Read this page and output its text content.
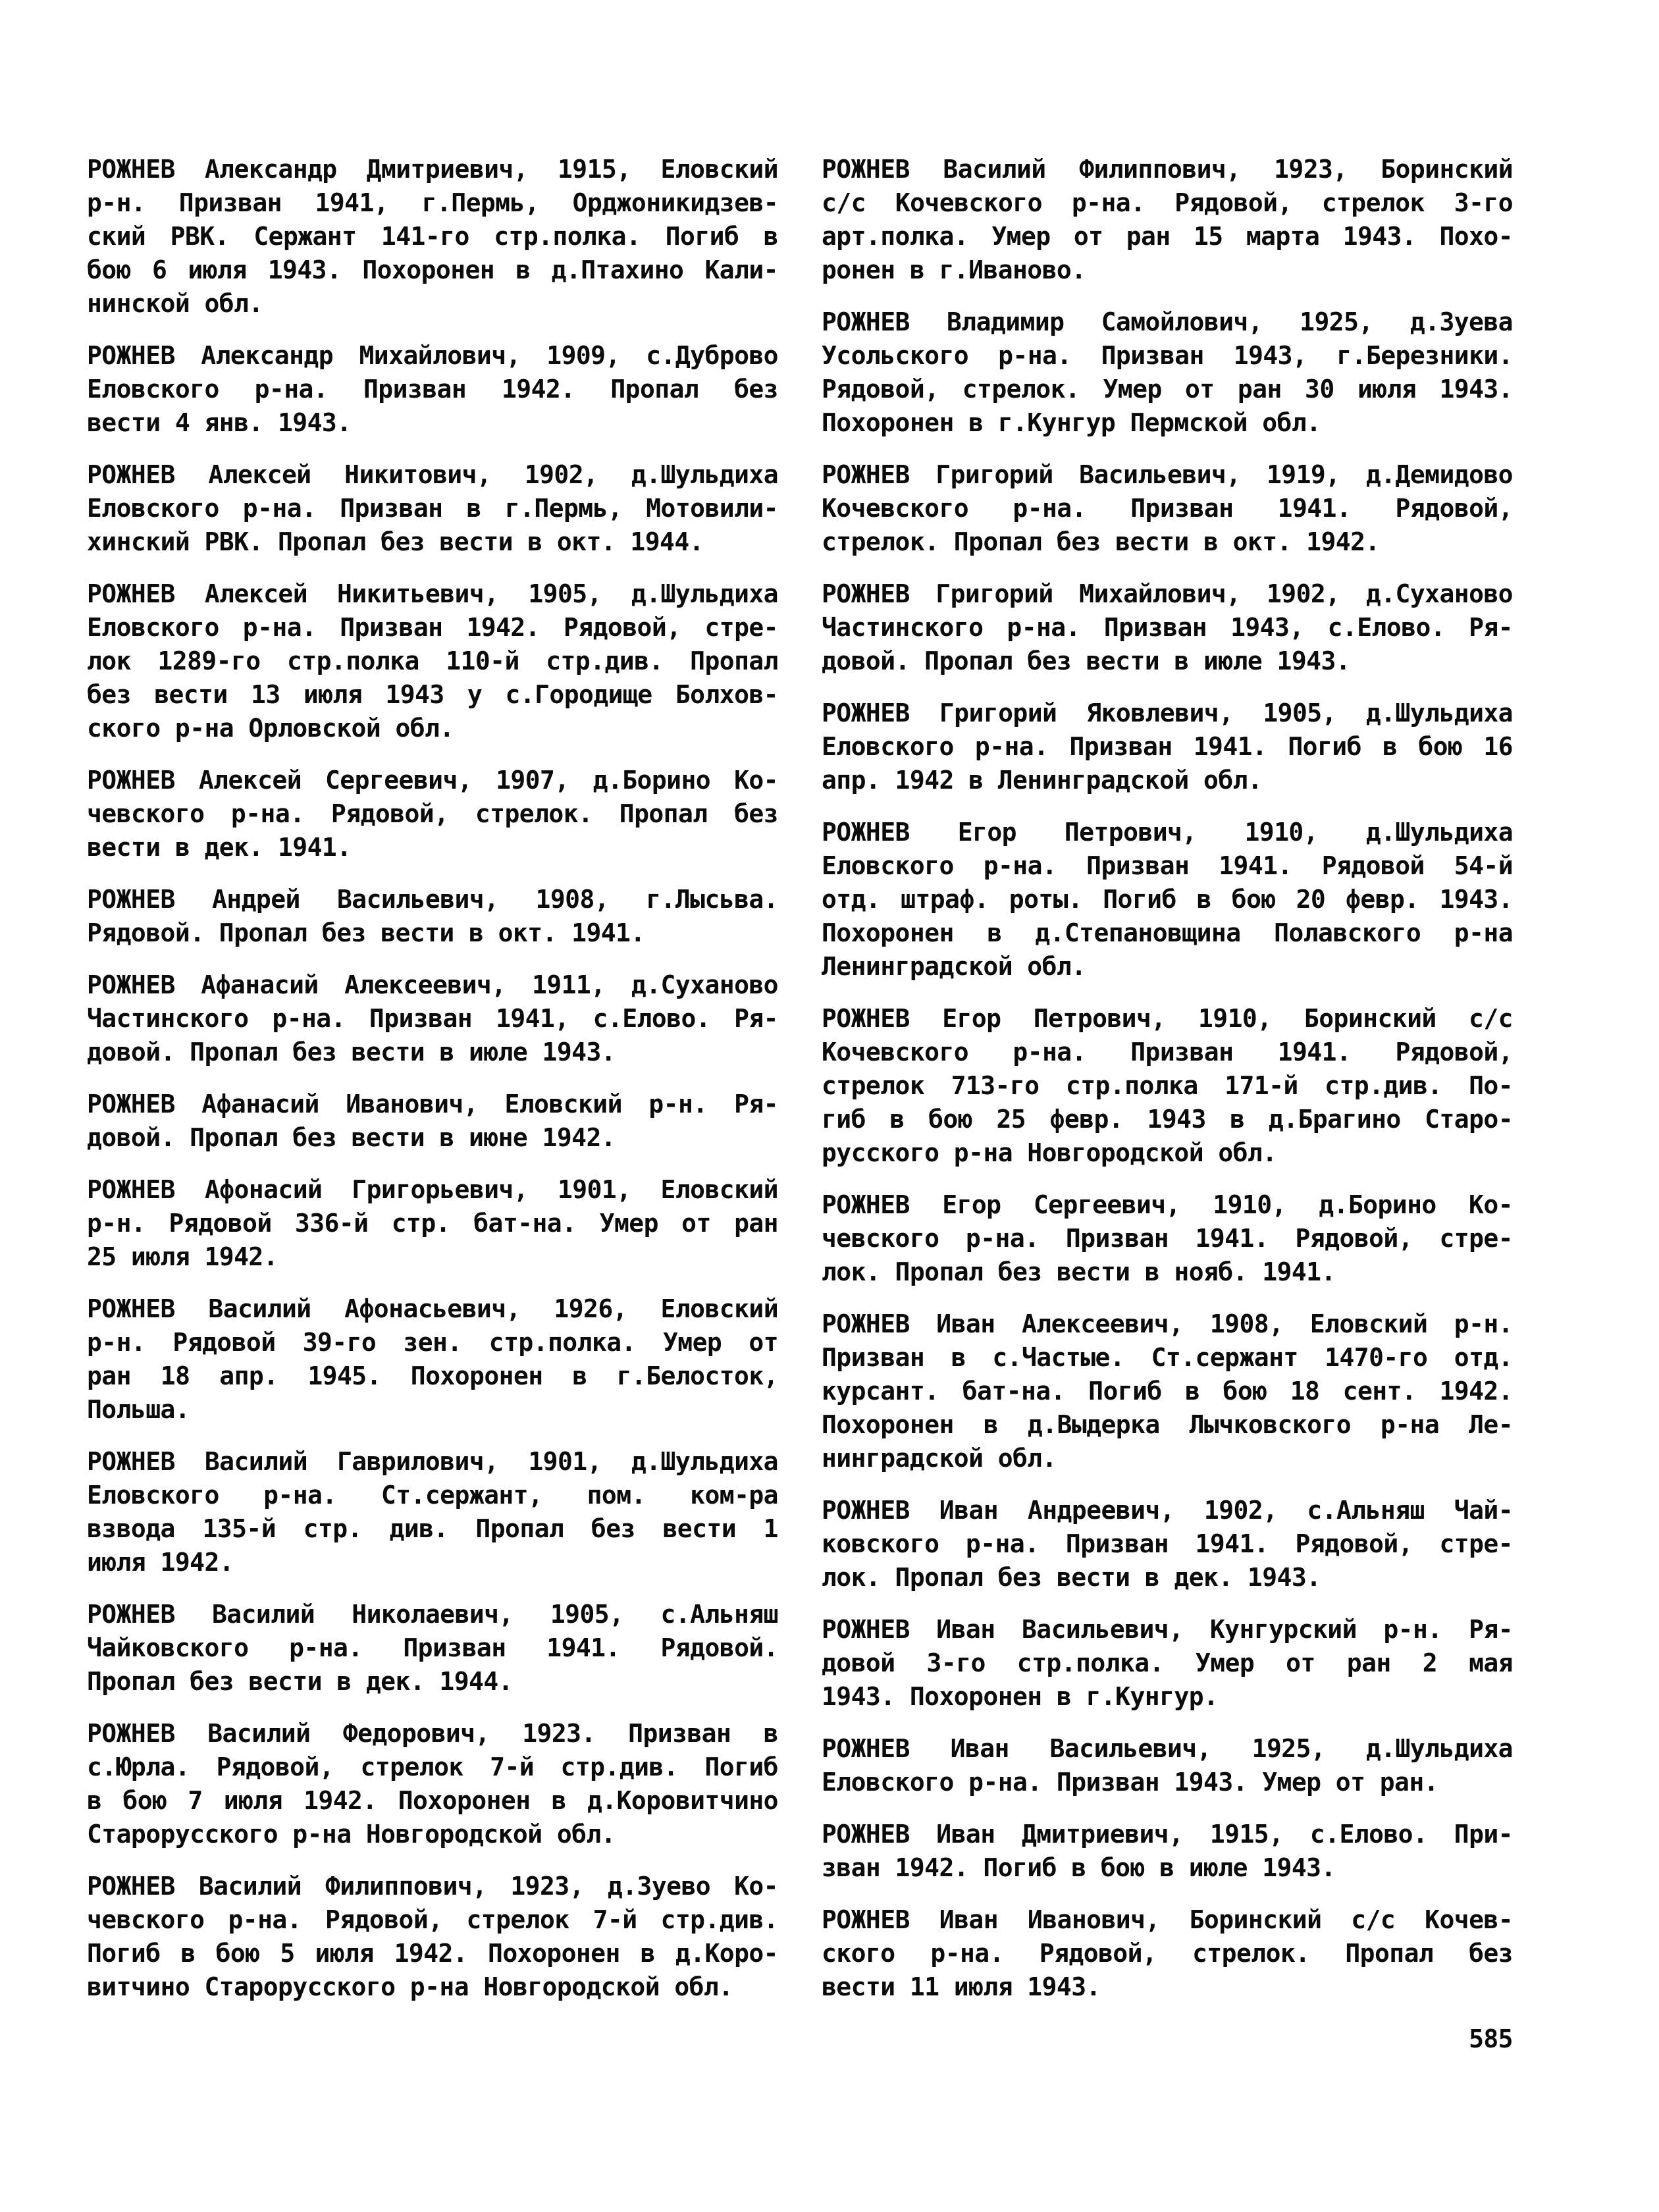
РОЖНЕВ Александр Дмитриевич, 1915, Еловский
р-н. Призван 1941, г.Пермь, Орджоникидзев-
ский РВК. Сержант 141-го стр.полка. Погиб в
бою 6 июля 1943. Похоронен в д.Птахино Кали-
нинской обл.
РОЖНЕВ Александр Михайлович, 1909, с.Дуброво
Еловского р-на. Призван 1942. Пропал без
вести 4 янв. 1943.
РОЖНЕВ Алексей Никитович, 1902, д.Шульдиха
Еловского р-на. Призван в г.Пермь, Мотовили-
хинский РВК. Пропал без вести в окт. 1944.
РОЖНЕВ Алексей Никитьевич, 1905, д.Шульдиха
Еловского р-на. Призван 1942. Рядовой, стре-
лок 1289-го стр.полка 110-й стр.див. Пропал
без вести 13 июля 1943 у с.Городище Болхов-
ского р-на Орловской обл.
РОЖНЕВ Алексей Сергеевич, 1907, д.Борино Ко-
чевского р-на. Рядовой, стрелок. Пропал без
вести в дек. 1941.
РОЖНЕВ Андрей Васильевич, 1908, г.Лысьва.
Рядовой. Пропал без вести в окт. 1941.
РОЖНЕВ Афанасий Алексеевич, 1911, д.Суханово
Частинского р-на. Призван 1941, с.Елово. Ря-
довой. Пропал без вести в июле 1943.
РОЖНЕВ Афанасий Иванович, Еловский р-н. Ря-
довой. Пропал без вести в июне 1942.
РОЖНЕВ Афонасий Григорьевич, 1901, Еловский
р-н. Рядовой 336-й стр. бат-на. Умер от ран
25 июля 1942.
РОЖНЕВ Василий Афонасьевич, 1926, Еловский
р-н. Рядовой 39-го зен. стр.полка. Умер от
ран 18 апр. 1945. Похоронен в г.Белосток,
Польша.
РОЖНЕВ Василий Гаврилович, 1901, д.Шульдиха
Еловского р-на. Ст.сержант, пом. ком-ра
взвода 135-й стр. див. Пропал без вести 1
июля 1942.
РОЖНЕВ Василий Николаевич, 1905, с.Альняш
Чайковского р-на. Призван 1941. Рядовой.
Пропал без вести в дек. 1944.
РОЖНЕВ Василий Федорович, 1923. Призван в
с.Юрла. Рядовой, стрелок 7-й стр.див. Погиб
в бою 7 июля 1942. Похоронен в д.Коровитчино
Старорусского р-на Новгородской обл.
РОЖНЕВ Василий Филиппович, 1923, д.Зуево Ко-
чевского р-на. Рядовой, стрелок 7-й стр.див.
Погиб в бою 5 июля 1942. Похоронен в д.Коро-
витчино Старорусского р-на Новгородской обл.
РОЖНЕВ Василий Филиппович, 1923, Боринский
с/с Кочевского р-на. Рядовой, стрелок 3-го
арт.полка. Умер от ран 15 марта 1943. Похо-
ронен в г.Иваново.
РОЖНЕВ Владимир Самойлович, 1925, д.Зуева
Усольского р-на. Призван 1943, г.Березники.
Рядовой, стрелок. Умер от ран 30 июля 1943.
Похоронен в г.Кунгур Пермской обл.
РОЖНЕВ Григорий Васильевич, 1919, д.Демидово
Кочевского р-на. Призван 1941. Рядовой,
стрелок. Пропал без вести в окт. 1942.
РОЖНЕВ Григорий Михайлович, 1902, д.Суханово
Частинского р-на. Призван 1943, с.Елово. Ря-
довой. Пропал без вести в июле 1943.
РОЖНЕВ Григорий Яковлевич, 1905, д.Шульдиха
Еловского р-на. Призван 1941. Погиб в бою 16
апр. 1942 в Ленинградской обл.
РОЖНЕВ Егор Петрович, 1910, д.Шульдиха
Еловского р-на. Призван 1941. Рядовой 54-й
отд. штраф. роты. Погиб в бою 20 февр. 1943.
Похоронен в д.Степановщина Полавского р-на
Ленинградской обл.
РОЖНЕВ Егор Петрович, 1910, Боринский с/с
Кочевского р-на. Призван 1941. Рядовой,
стрелок 713-го стр.полка 171-й стр.див. По-
гиб в бою 25 февр. 1943 в д.Брагино Старо-
русского р-на Новгородской обл.
РОЖНЕВ Егор Сергеевич, 1910, д.Борино Ко-
чевского р-на. Призван 1941. Рядовой, стре-
лок. Пропал без вести в нояб. 1941.
РОЖНЕВ Иван Алексеевич, 1908, Еловский р-н.
Призван в с.Частые. Ст.сержант 1470-го отд.
курсант. бат-на. Погиб в бою 18 сент. 1942.
Похоронен в д.Выдерка Лычковского р-на Ле-
нинградской обл.
РОЖНЕВ Иван Андреевич, 1902, с.Альняш Чай-
ковского р-на. Призван 1941. Рядовой, стре-
лок. Пропал без вести в дек. 1943.
РОЖНЕВ Иван Васильевич, Кунгурский р-н. Ря-
довой 3-го стр.полка. Умер от ран 2 мая
1943. Похоронен в г.Кунгур.
РОЖНЕВ Иван Васильевич, 1925, д.Шульдиха
Еловского р-на. Призван 1943. Умер от ран.
РОЖНЕВ Иван Дмитриевич, 1915, с.Елово. При-
зван 1942. Погиб в бою в июле 1943.
РОЖНЕВ Иван Иванович, Боринский с/с Кочев-
ского р-на. Рядовой, стрелок. Пропал без
вести 11 июля 1943.
585
